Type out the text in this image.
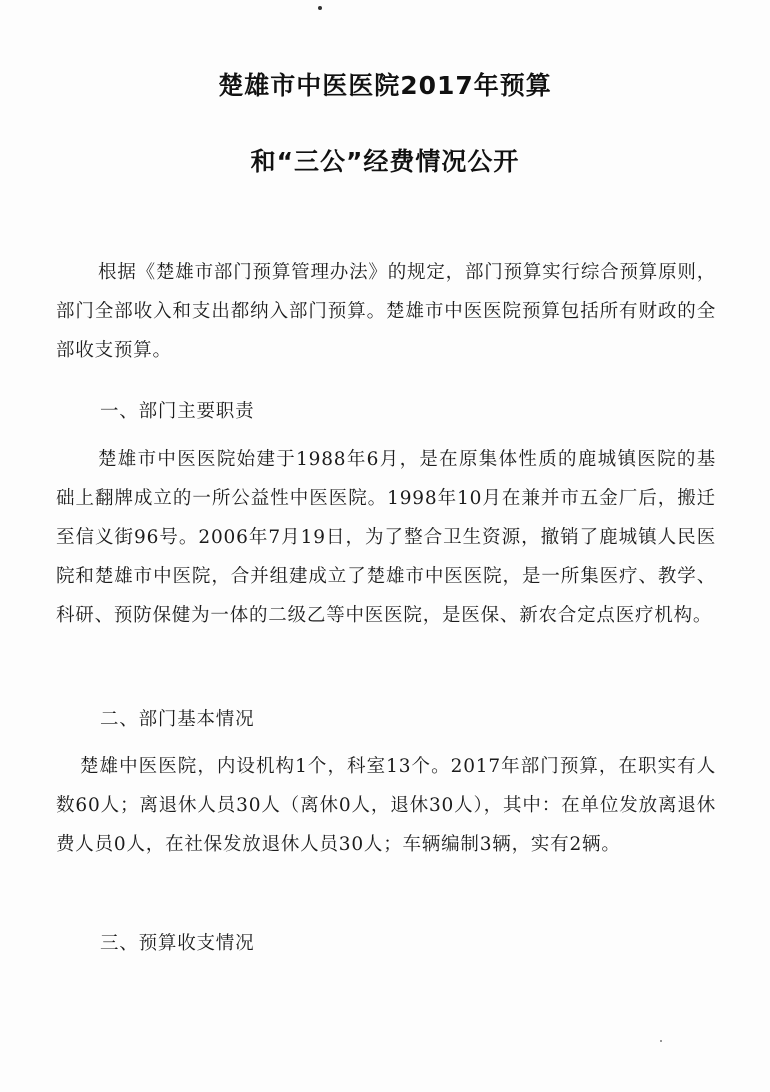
楚雄市中医医院2017年预算
和“三公”经费情况公开
根据《楚雄市部门预算管理办法》的规定，部门预算实行综合预算原则，部门全部收入和支出都纳入部门预算。楚雄市中医医院预算包括所有财政的全部收支预算。
一、部门主要职责
楚雄市中医医院始建于1988年6月，是在原集体性质的鹿城镇医院的基础上翻牌成立的一所公益性中医医院。1998年10月在兼并市五金厂后，搬迁至信义街96号。2006年7月19日，为了整合卫生资源，撤销了鹿城镇人民医院和楚雄市中医院，合并组建成立了楚雄市中医医院，是一所集医疗、教学、科研、预防保健为一体的二级乙等中医医院，是医保、新农合定点医疗机构。
二、部门基本情况
楚雄中医医院，内设机构1个，科室13个。2017年部门预算，在职实有人数60人；离退休人员30人（离休0人，退休30人），其中：在单位发放离退休费人员0人，在社保发放退休人员30人；车辆编制3辆，实有2辆。
三、预算收支情况
